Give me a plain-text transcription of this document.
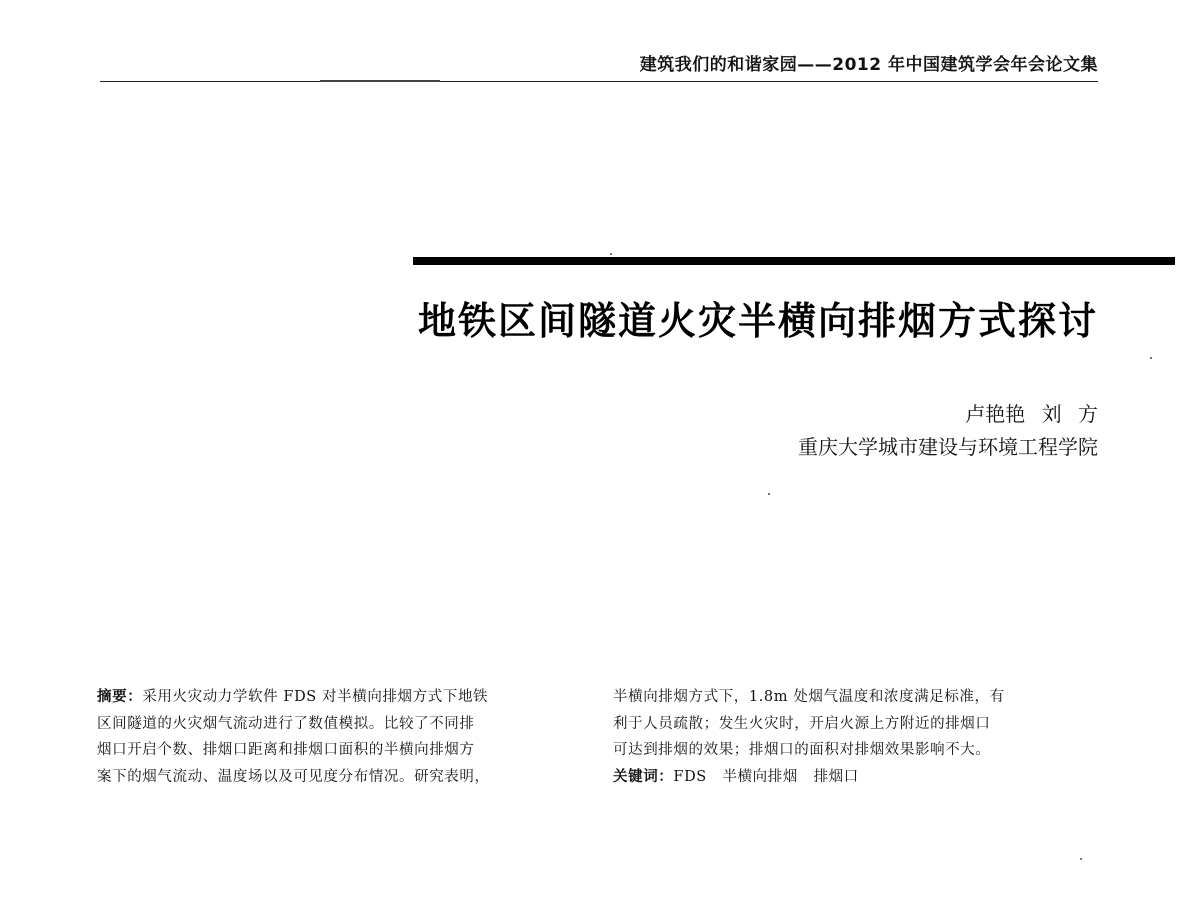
建筑我们的和谐家园——2012 年中国建筑学会年会论文集
地铁区间隧道火灾半横向排烟方式探讨
卢艳艳 刘 方
重庆大学城市建设与环境工程学院

摘要：采用火灾动力学软件 FDS 对半横向排烟方式下地铁

区间隧道的火灾烟气流动进行了数值模拟。比较了不同排

烟口开启个数、排烟口距离和排烟口面积的半横向排烟方

案下的烟气流动、温度场以及可见度分布情况。研究表明，

半横向排烟方式下，1.8m 处烟气温度和浓度满足标准，有

利于人员疏散；发生火灾时，开启火源上方附近的排烟口

可达到排烟的效果；排烟口的面积对排烟效果影响不大。

关键词：FDS   半横向排烟   排烟口
